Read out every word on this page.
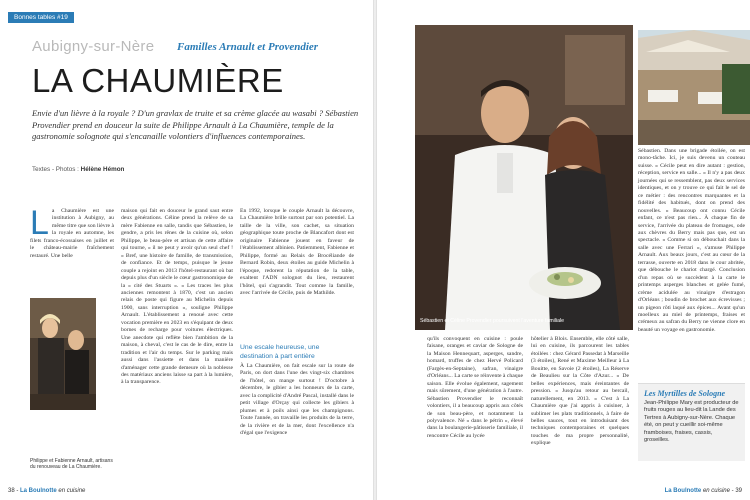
Bonnes tables #19
Aubigny-sur-Nère Familles Arnault et Provendier
LA CHAUMIÈRE
Envie d'un lièvre à la royale ? D'un gravlax de truite et sa crème glacée au wasabi ? Sébastien Provendier prend en douceur la suite de Philippe Arnault à La Chaumière, temple de la gastronomie solognote qui s'encanaille volontiers d'influences contemporaines.
Textes - Photos : Hélène Hémon
L a Chaumière est une institution à Aubigny, au même titre que son lièvre à la royale en automne, les filets franco-écossaises en juillet et le château-mairie fraîchement restauré. Une belle
Philippe et Fabienne Arnault, artisans du renouveau de La Chaumière.
maison qui fait en douceur le grand saut entre deux générations. Céline prend la relève de sa mère Fabienne en salle, tandis que Sébastien, le gendre, a pris les rênes de la cuisine où, selon Philippe, le beau-père et artisan de cette affaire qui tourne, « il ne peut y avoir qu'un seul chef ! » Bref, une histoire de famille, de transmission, de confiance. Et de temps, puisque le jeune couple a rejoint en 2013 l'hôtel-restaurant où bat depuis plus d'un siècle le cœur gastronomique de la « cité des Stuarts ». « Les traces les plus anciennes remontent à 1870, c'est un ancien relais de poste qui figure au Michelin depuis 1900, sans interruption », souligne Philippe Arnault. L'établissement a renoué avec cette vocation première en 2023 en s'équipant de deux bornes de recharge pour voitures électriques. Une anecdote qui reflète bien l'ambition de la maison, à cheval, c'est le cas de le dire, entre la tradition et l'air du temps. Sur le parking mais aussi dans l'assiette et dans la manière d'aménager cette grande demeure où la noblesse des matériaux anciens laisse sa part à la lumière, à la transparence.
En 1992, lorsque le couple Arnault la découvre, La Chaumière brille surtout par son potentiel. La taille de la ville, son cachet, sa situation géographique toute proche de Blancafort dont est originaire Fabienne jouent en faveur de l'établissement albinien. Patiemment, Fabienne et Philippe, formé au Relais de Brocéliande de Bernard Robin, deux étoiles au guide Michelin à l'époque, redorent la réputation de la table, exaltent l'ADN solognot du lieu, restaurent l'hôtel, qui s'agrandit. Tout comme la famille, avec l'arrivée de Cécile, puis de Mathilde.
Une escale heureuse, une destination à part entière
À La Chaumière, on fait escale sur la route de Paris, on dort dans l'une des vingt-six chambres de l'hôtel, on mange surtout ! D'octobre à décembre, le gibier a les honneurs de la carte, avec la complicité d'André Pascal, installé dans le petit village d'Orçay qui collecte les gibiers à plumes et à poils ainsi que les champignons. Toute l'année, on travaille les produits de la terre, de la rivière et de la mer, dont l'excellence n'a d'égal que l'exigence
38 - La Boulnotte en cuisine
Sébastien et Céline Provendier poursuivent l'aventure familiale
qu'ils convoquent en cuisine : poule faisane, oranges et caviar de Sologne de la Maison Hennequart, asperges, sandre, homard, truffes de chez Hervé Policard (Fargès-en-Septaine), safran, vinaigre d'Orléans... La carte se réinvente à chaque saison. Elle évolue également, sagement mais sûrement, d'une génération à l'autre. Sébastien Provendier le reconnaît volontiers, il a beaucoup appris aux côtés de son beau-père, et notamment la polyvalence. Né « dans le pétrin », élevé dans la boulangerie-pâtisserie familiale, il rencontre Cécile au lycée
hôtelier à Blois. Ensemble, elle côté salle, lui en cuisine, ils parcourent les tables étoilées : chez Gérard Passedat à Marseille (3 étoiles), René et Maxime Meilleur à La Bouitte, en Savoie (2 étoiles), La Réserve de Beaulieu sur la Côte d'Azur... « De belles expériences, mais éreintantes de pression. » Jusqu'au retour au bercail, naturellement, en 2013. « C'est à La Chaumière que j'ai appris à cuisiner, à sublimer les plats traditionnels, à faire de belles sauces, tout en introduisant des techniques contemporaines et quelques touches de ma propre personnalité, explique
Sébastien. Dans une brigade étoilée, on est mono-tâche. Ici, je suis devenu un couteau suisse. » Cécile peut en dire autant : gestion, réception, service en salle... « Il n'y a pas deux journées qui se ressemblent, pas deux services identiques, et on y trouve ce qui fait le sel de ce métier : des rencontres marquantes et la fidélité des habitués, dont on prend des nouvelles. » Beaucoup ont connu Cécile enfant, ce n'est pas rien... À chaque fin de service, l'arrivée du plateau de fromages, ode aux chèvres du Berry mais pas que, est un spectacle. « Comme si on débouchait dans la salle avec une Ferrari », s'amuse Philippe Arnault. Aux beaux jours, c'est au cœur de la terrasse, ouverte en 2018 dans le cour abritée, que débouche le chariot chargé. Conclusion d'un repas où se succèdent à la carte le printemps asperges blanches et gelée fumé, crème acidulée au vinaigre d'estragon d'Orléans ; boudin de brochet aux écrevisses ; un pigeon rôti laqué aux épices... Avant qu'un moelleux au miel de printemps, fraises et crémeux au safran du Berry ne vienne clore en beauté un voyage en gastronomie.
Les Myrtilles de Sologne
Jean-Philippe Mary est producteur de fruits rouges au lieu-dit la Lande des Tertres à Aubigny-sur-Nère. Chaque été, on peut y cueillir soi-même framboises, fraises, cassis, groseilles.
La Boulnotte en cuisine - 39
